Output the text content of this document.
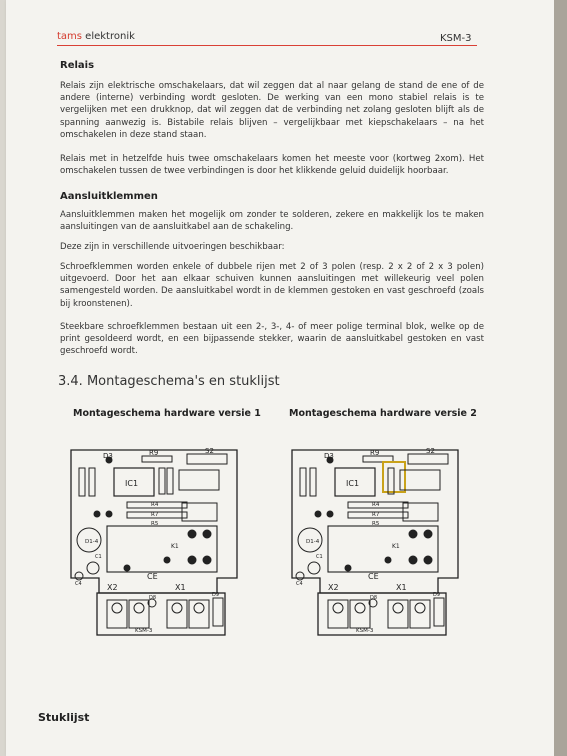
tams elektronik	KSM-3
Relais

Relais zijn elektrische omschakelaars, dat wil zeggen dat al naar gelang de stand de ene of de andere (interne) verbinding wordt gesloten. De werking van een mono stabiel relais is te vergelijken met een drukknop, dat wil zeggen dat de verbinding net zolang gesloten blijft als de spanning aanwezig is. Bistabile relais blijven – vergelijkbaar met kiepschakelaars – na het omschakelen in deze stand staan.

Relais met in hetzelfde huis twee omschakelaars komen het meeste voor (kortweg 2xom). Het omschakelen tussen de twee verbindingen is door het klikkende geluid duidelijk hoorbaar.

Aansluitklemmen

Aansluitklemmen maken het mogelijk om zonder te solderen, zekere en makkelijk los te maken aansluitingen van de aansluitkabel aan de schakeling.

Deze zijn in verschillende uitvoeringen beschikbaar:

Schroefklemmen worden enkele of dubbele rijen met 2 of 3 polen (resp. 2 x 2 of 2 x 3 polen) uitgevoerd. Door het aan elkaar schuiven kunnen aansluitingen met willekeurig veel polen samengesteld worden. De aansluitkabel wordt in de klemmen gestoken en vast geschroefd (zoals bij kroonstenen).

Steekbare schroefklemmen bestaan uit een 2-, 3-, 4- of meer polige terminal blok, welke op de print gesoldeerd wordt, en een bijpassende stekker, waarin de aansluitkabel gestoken en vast geschroefd wordt.

3.4. Montageschema's en stuklijst
Montageschema hardware versie 1	Montageschema hardware versie 2
D3	R9	S2
IC1
R4
R7
R5
K1
D1-4
C1
C4
CE
X2	X1
D8	D9
KSM-3
D3	R9	S2
IC1
R4
R7
R5
K1
D1-4
C1
C4
CE
X2	X1
D8	D9
KSM-3
Stuklijst
